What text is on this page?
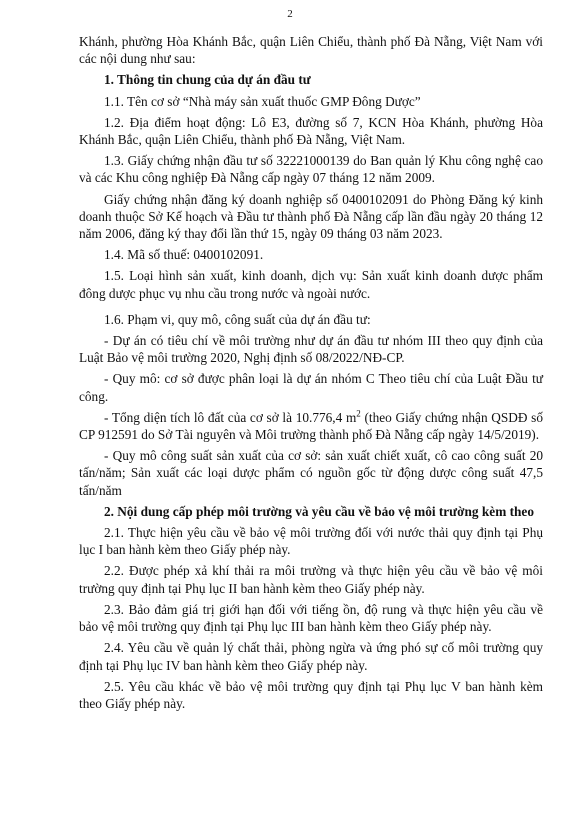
2

Khánh, phường Hòa Khánh Bắc, quận Liên Chiểu, thành phố Đà Nẵng, Việt Nam với các nội dung như sau:

1. Thông tin chung của dự án đầu tư

1.1. Tên cơ sở “Nhà máy sản xuất thuốc GMP Đông Dược”

1.2. Địa điểm hoạt động: Lô E3, đường số 7, KCN Hòa Khánh, phường Hòa Khánh Bắc, quận Liên Chiểu, thành phố Đà Nẵng, Việt Nam.

1.3. Giấy chứng nhận đầu tư số 32221000139 do Ban quản lý Khu công nghệ cao và các Khu công nghiệp Đà Nẵng cấp ngày 07 tháng 12 năm 2009.

Giấy chứng nhận đăng ký doanh nghiệp số 0400102091 do Phòng Đăng ký kinh doanh thuộc Sở Kế hoạch và Đầu tư thành phố Đà Nẵng cấp lần đầu ngày 20 tháng 12 năm 2006, đăng ký thay đổi lần thứ 15, ngày 09 tháng 03 năm 2023.

1.4. Mã số thuế: 0400102091.

1.5. Loại hình sản xuất, kinh doanh, dịch vụ: Sản xuất kinh doanh dược phẩm đông dược phục vụ nhu cầu trong nước và ngoài nước.

1.6. Phạm vi, quy mô, công suất của dự án đầu tư:

- Dự án có tiêu chí về môi trường như dự án đầu tư nhóm III theo quy định của Luật Bảo vệ môi trường 2020, Nghị định số 08/2022/NĐ-CP.

- Quy mô: cơ sở được phân loại là dự án nhóm C Theo tiêu chí của Luật Đầu tư công.

- Tổng diện tích lô đất của cơ sở là 10.776,4 $m^2$ (theo Giấy chứng nhận QSDĐ số CP 912591 do Sở Tài nguyên và Môi trường thành phố Đà Nẵng cấp ngày 14/5/2019).

- Quy mô công suất sản xuất của cơ sở: sản xuất chiết xuất, cô cao công suất 20 tấn/năm; Sản xuất các loại dược phẩm có nguồn gốc từ động dược công suất 47,5 tấn/năm

2. Nội dung cấp phép môi trường và yêu cầu về bảo vệ môi trường kèm theo

2.1. Thực hiện yêu cầu về bảo vệ môi trường đối với nước thải quy định tại Phụ lục I ban hành kèm theo Giấy phép này.

2.2. Được phép xả khí thải ra môi trường và thực hiện yêu cầu về bảo vệ môi trường quy định tại Phụ lục II ban hành kèm theo Giấy phép này.

2.3. Bảo đảm giá trị giới hạn đối với tiếng ồn, độ rung và thực hiện yêu cầu về bảo vệ môi trường quy định tại Phụ lục III ban hành kèm theo Giấy phép này.

2.4. Yêu cầu về quản lý chất thải, phòng ngừa và ứng phó sự cố môi trường quy định tại Phụ lục IV ban hành kèm theo Giấy phép này.

2.5. Yêu cầu khác về bảo vệ môi trường quy định tại Phụ lục V ban hành kèm theo Giấy phép này.
